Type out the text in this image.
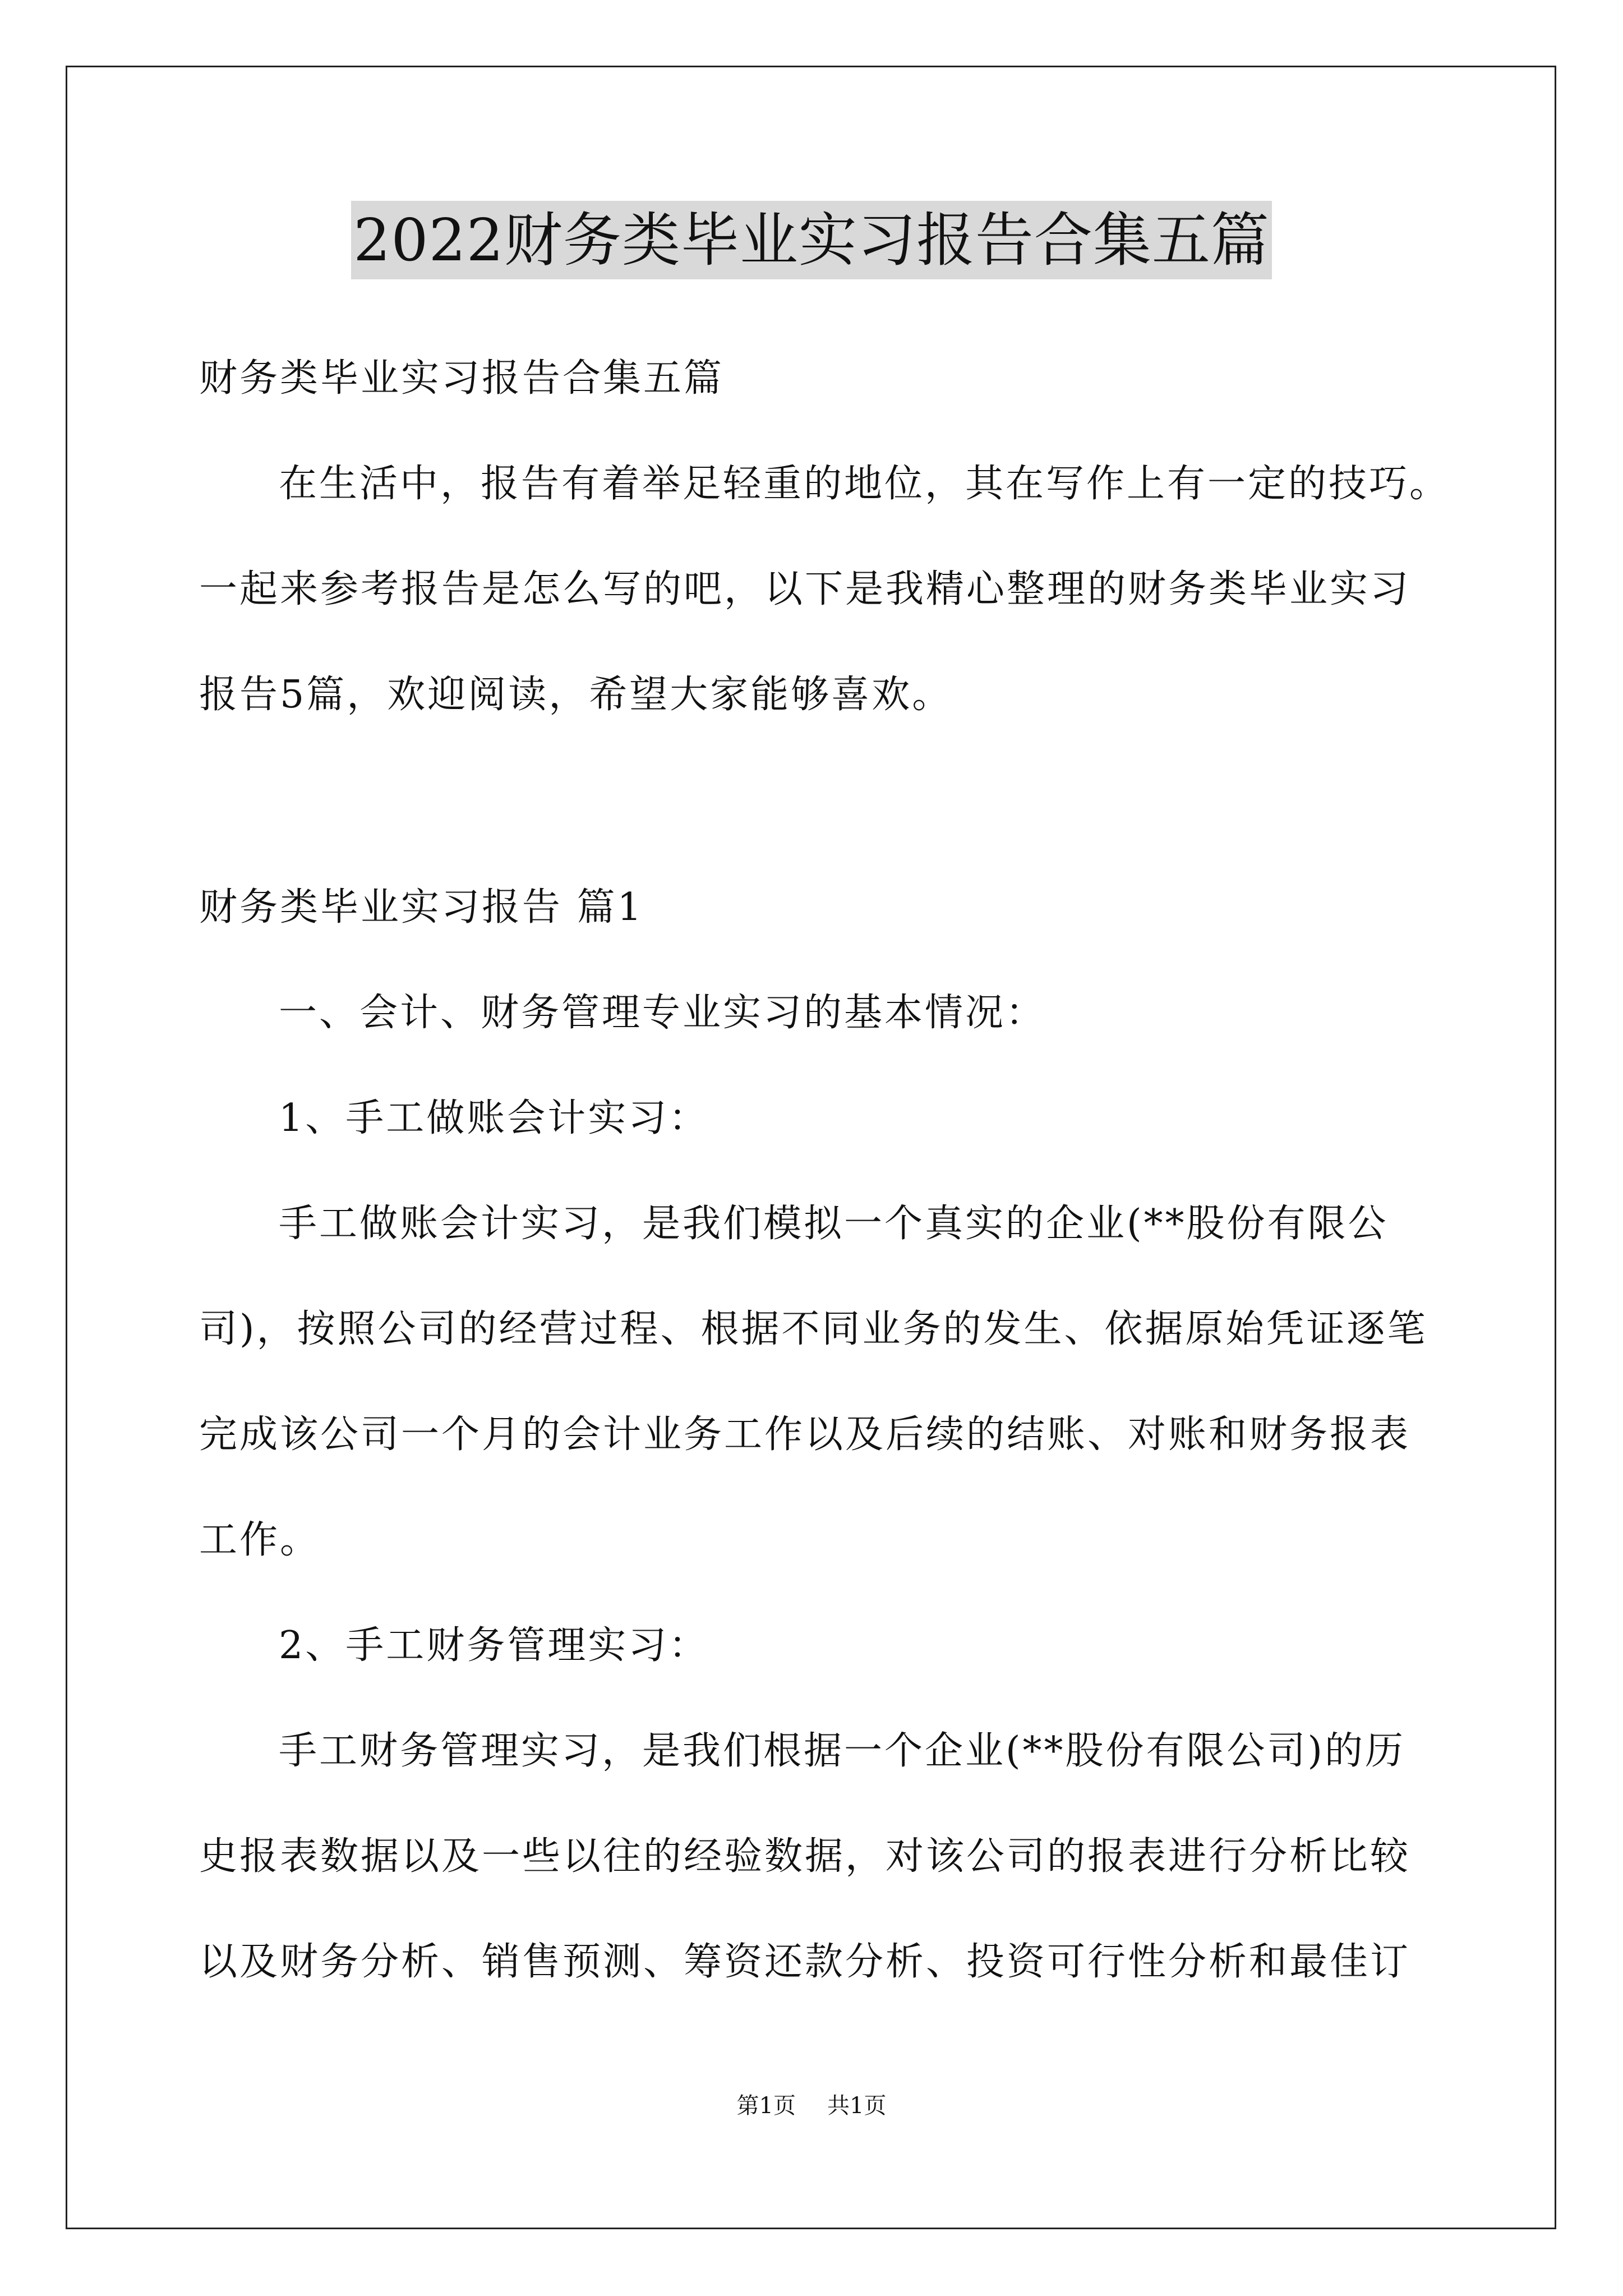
2022财务类毕业实习报告合集五篇
财务类毕业实习报告合集五篇
在生活中，报告有着举足轻重的地位，其在写作上有一定的技巧。
一起来参考报告是怎么写的吧，以下是我精心整理的财务类毕业实习
报告5篇，欢迎阅读，希望大家能够喜欢。
财务类毕业实习报告 篇1
一、会计、财务管理专业实习的基本情况：
1、手工做账会计实习：
手工做账会计实习，是我们模拟一个真实的企业(**股份有限公
司)，按照公司的经营过程、根据不同业务的发生、依据原始凭证逐笔
完成该公司一个月的会计业务工作以及后续的结账、对账和财务报表
工作。
2、手工财务管理实习：
手工财务管理实习，是我们根据一个企业(**股份有限公司)的历
史报表数据以及一些以往的经验数据，对该公司的报表进行分析比较
以及财务分析、销售预测、筹资还款分析、投资可行性分析和最佳订
第1页 共1页
